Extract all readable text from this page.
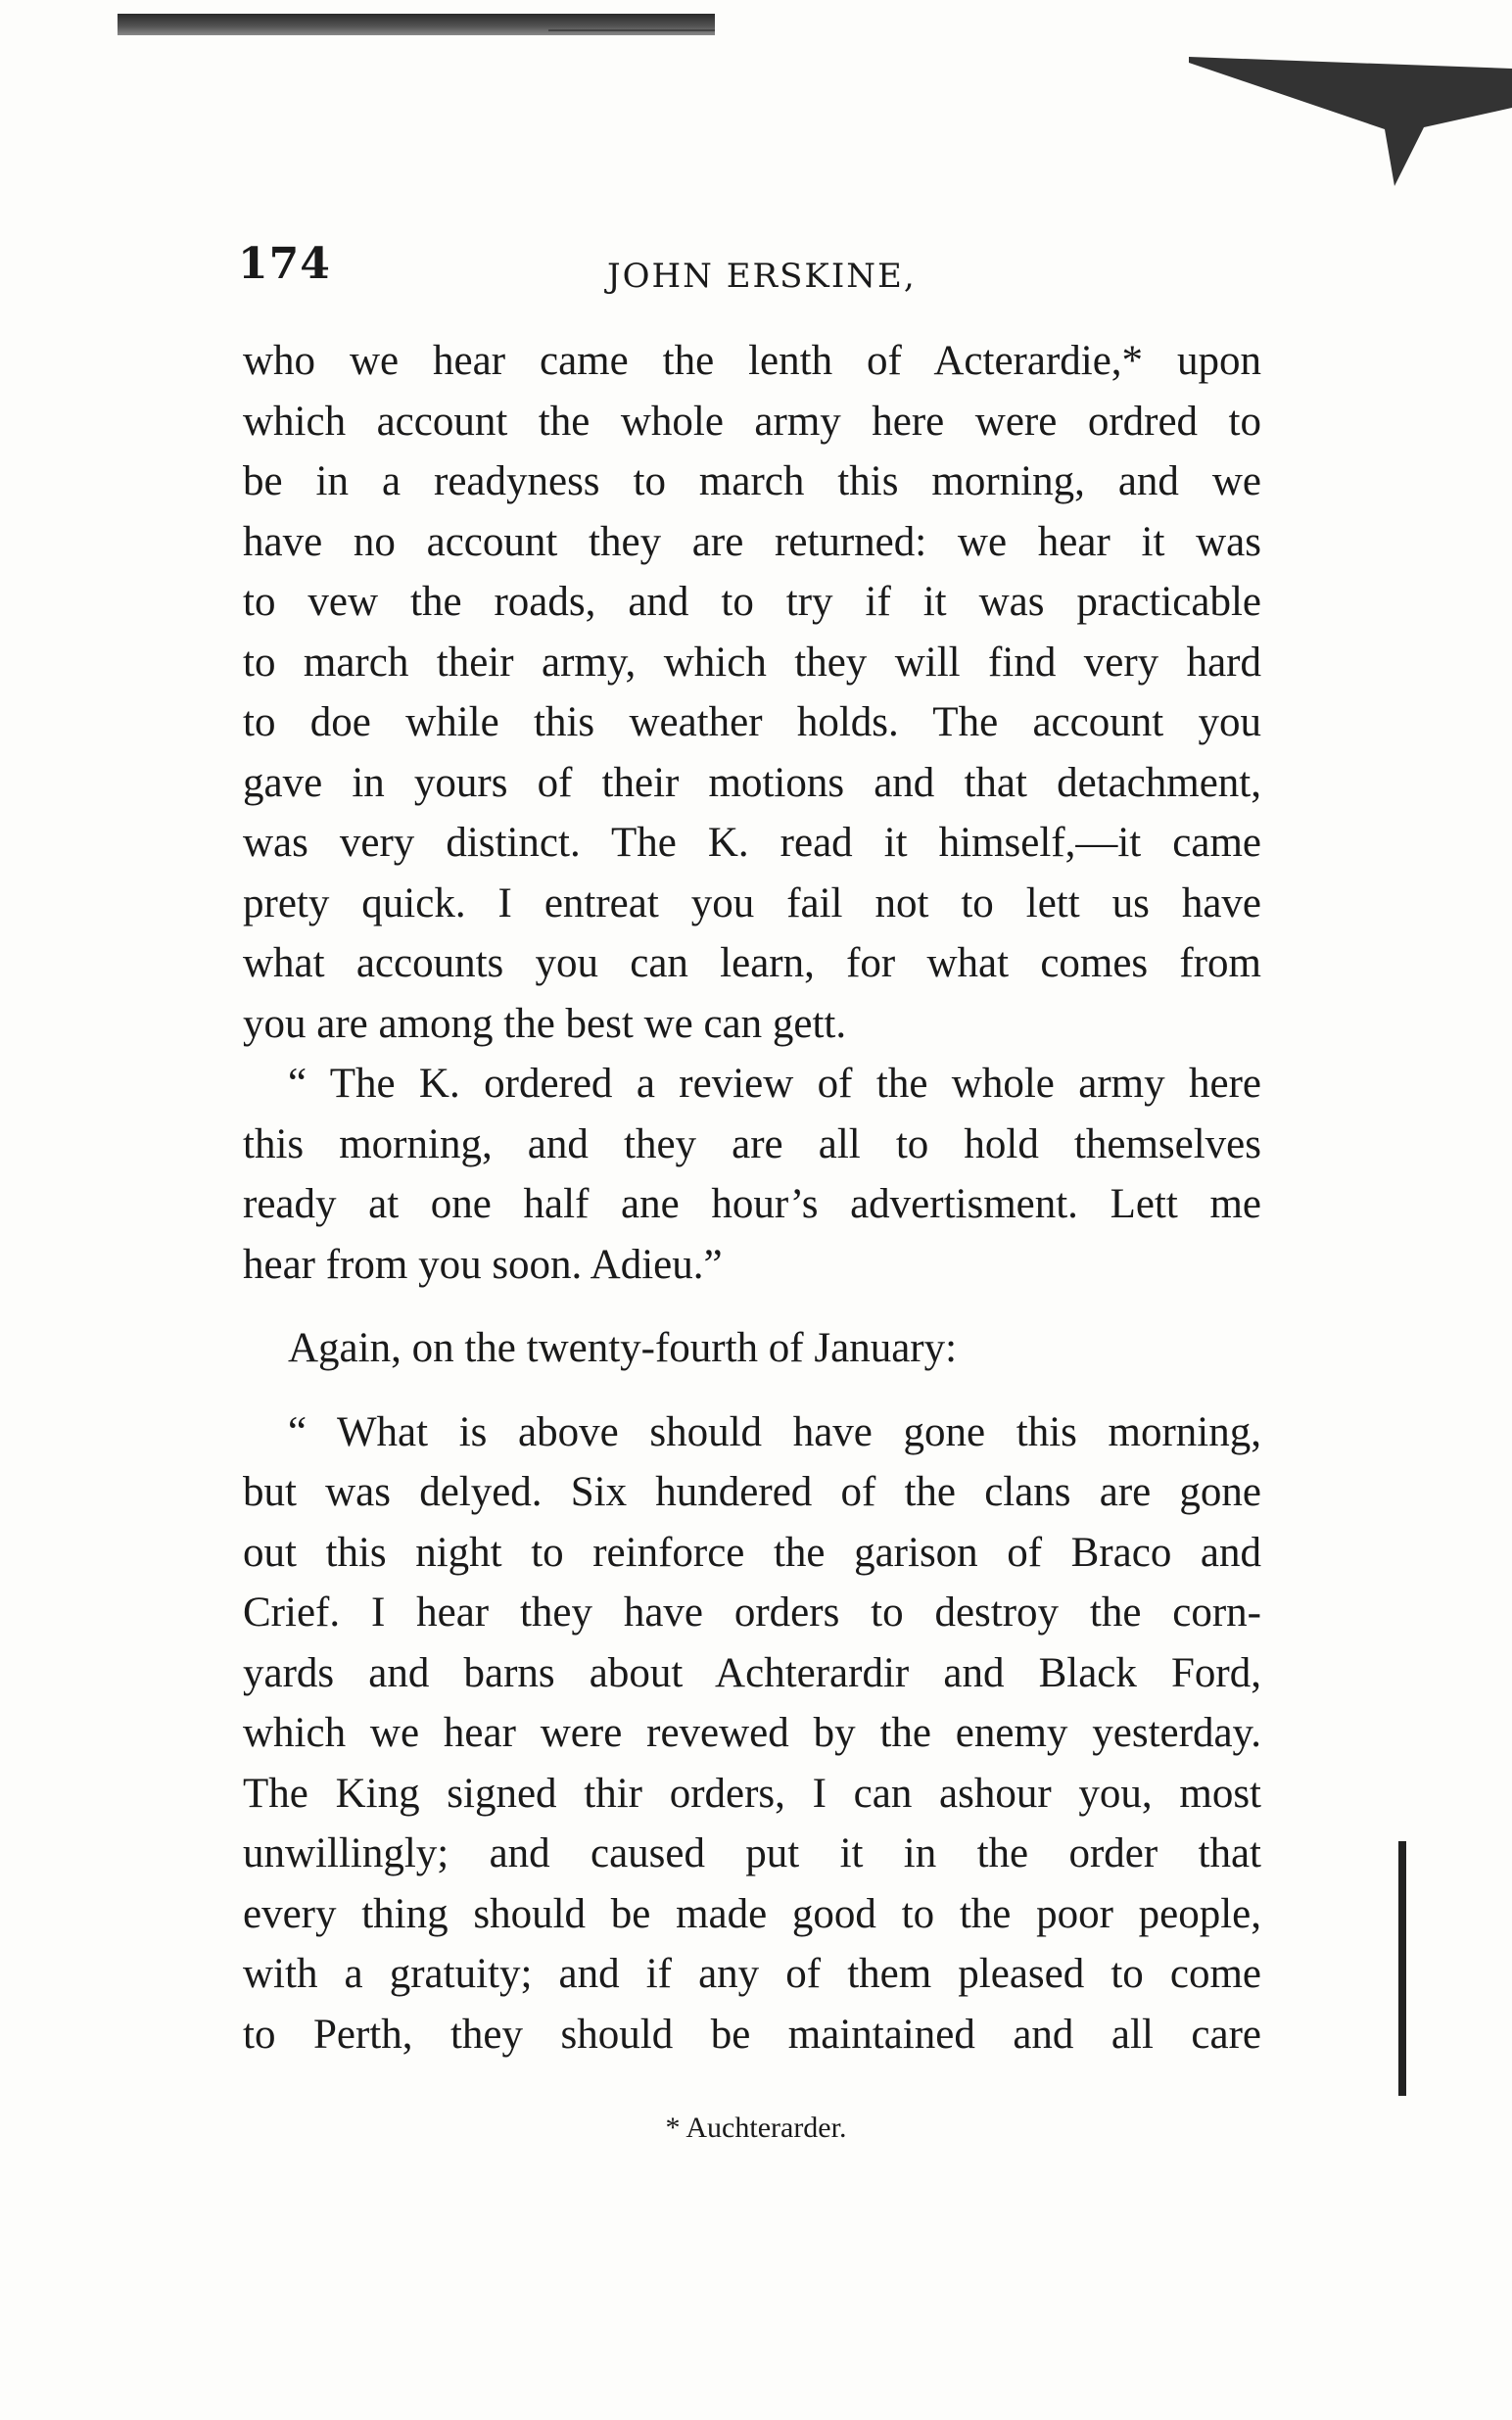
174	JOHN ERSKINE,
who we hear came the lenth of Acterardie,* upon
which account the whole army here were ordred to
be in a readyness to march this morning, and we
have no account they are returned: we hear it was
to vew the roads, and to try if it was practicable
to march their army, which they will find very hard
to doe while this weather holds. The account you
gave in yours of their motions and that detachment,
was very distinct. The K. read it himself,—it came
prety quick. I entreat you fail not to lett us have
what accounts you can learn, for what comes from
you are among the best we can gett.
“ The K. ordered a review of the whole army here
this morning, and they are all to hold themselves
ready at one half ane hour’s advertisment. Lett me
hear from you soon. Adieu.”
Again, on the twenty-fourth of January:
“ What is above should have gone this morning,
but was delyed. Six hundered of the clans are gone
out this night to reinforce the garison of Braco and
Crief. I hear they have orders to destroy the corn-
yards and barns about Achterardir and Black Ford,
which we hear were revewed by the enemy yesterday.
The King signed thir orders, I can ashour you, most
unwillingly; and caused put it in the order that
every thing should be made good to the poor people,
with a gratuity; and if any of them pleased to come
to Perth, they should be maintained and all care
* Auchterarder.
